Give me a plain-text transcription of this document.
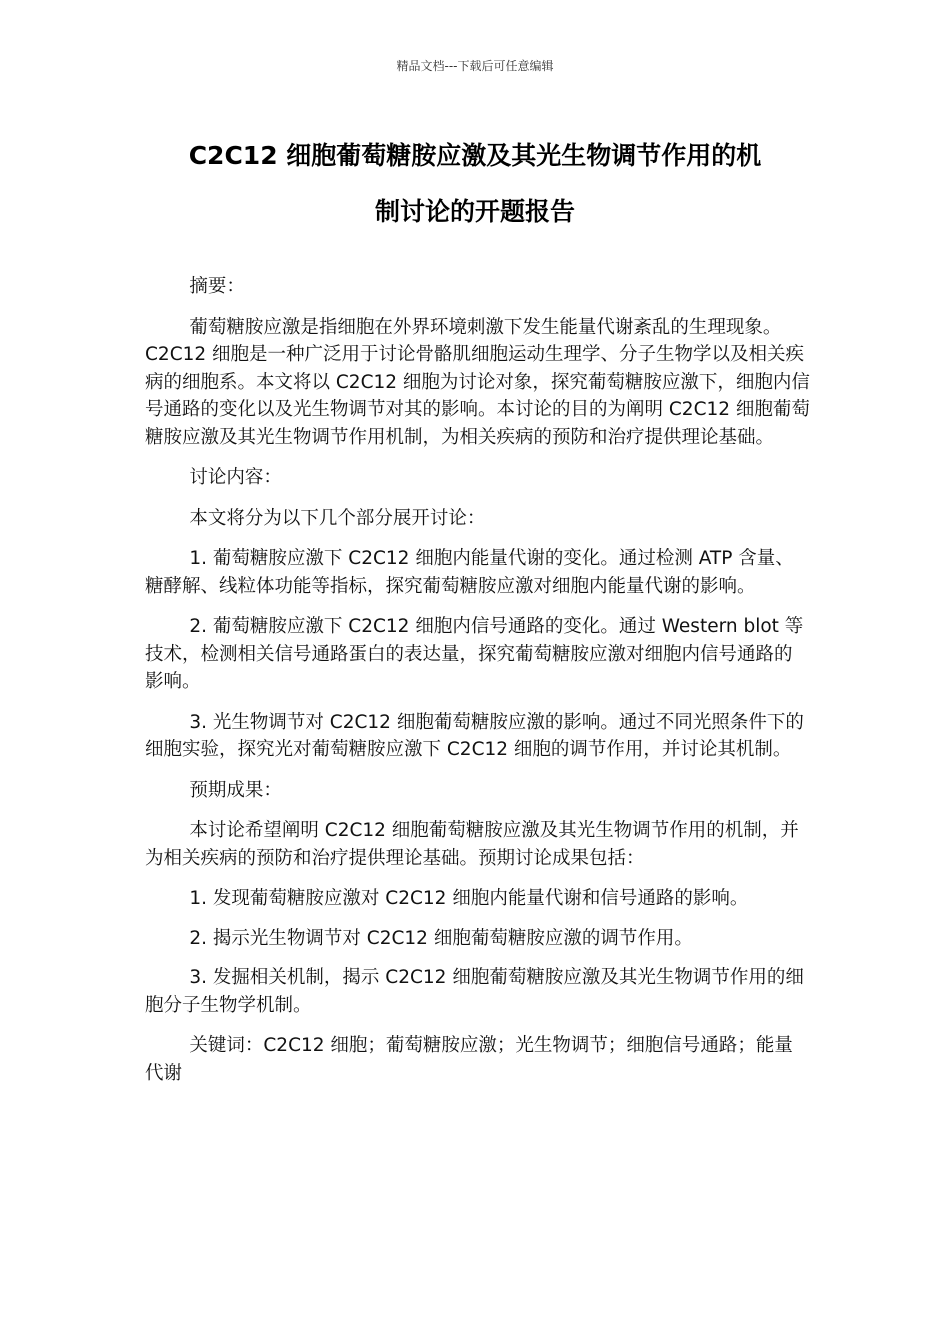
精品文档---下载后可任意编辑
C2C12 细胞葡萄糖胺应激及其光生物调节作用的机
制讨论的开题报告

摘要：

葡萄糖胺应激是指细胞在外界环境刺激下发生能量代谢紊乱的生理现象。C2C12 细胞是一种广泛用于讨论骨骼肌细胞运动生理学、分子生物学以及相关疾病的细胞系。本文将以 C2C12 细胞为讨论对象，探究葡萄糖胺应激下，细胞内信号通路的变化以及光生物调节对其的影响。本讨论的目的为阐明 C2C12 细胞葡萄糖胺应激及其光生物调节作用机制，为相关疾病的预防和治疗提供理论基础。

讨论内容：

本文将分为以下几个部分展开讨论：

1. 葡萄糖胺应激下 C2C12 细胞内能量代谢的变化。通过检测 ATP 含量、糖酵解、线粒体功能等指标，探究葡萄糖胺应激对细胞内能量代谢的影响。

2. 葡萄糖胺应激下 C2C12 细胞内信号通路的变化。通过 Western blot 等技术，检测相关信号通路蛋白的表达量，探究葡萄糖胺应激对细胞内信号通路的影响。

3. 光生物调节对 C2C12 细胞葡萄糖胺应激的影响。通过不同光照条件下的细胞实验，探究光对葡萄糖胺应激下 C2C12 细胞的调节作用，并讨论其机制。

预期成果：

本讨论希望阐明 C2C12 细胞葡萄糖胺应激及其光生物调节作用的机制，并为相关疾病的预防和治疗提供理论基础。预期讨论成果包括：

1. 发现葡萄糖胺应激对 C2C12 细胞内能量代谢和信号通路的影响。

2. 揭示光生物调节对 C2C12 细胞葡萄糖胺应激的调节作用。

3. 发掘相关机制，揭示 C2C12 细胞葡萄糖胺应激及其光生物调节作用的细胞分子生物学机制。

关键词：C2C12 细胞；葡萄糖胺应激；光生物调节；细胞信号通路；能量代谢
